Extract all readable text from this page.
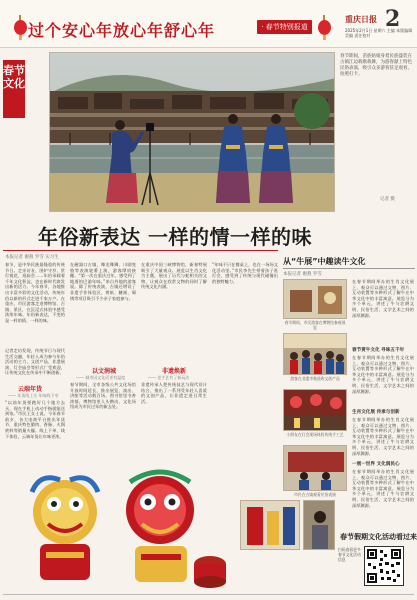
过个安心年放心年舒心年	· 春节特别报道
重庆日报 2
2025年2月1日 星期六 主编 本版编辑 美编 责任校对
春节
文化
春节期间，苗族姑娘身着民族盛装在古镇江边载歌载舞，为游客献上特色民俗表演，吸引众多游客驻足观看、拍照打卡。
记者 摄
年俗新表达 一样的情一样的味
本报记者 谢燕 罗雪 实习生
春节，是中华民族最隆重的传统节日。走亲访友、围炉守岁、赏灯观花、逛庙会……年俗承载着千年文化积淀，也在新时代焕发出新的活力。今年春节，各地推出丰富多彩的文化活动，传统年俗以新的形式走进千家万户。在重庆，市民游客走进博物馆、古镇、景区，在沉浸式体验中感受浓浓年味。年俗新表达，不变的是一样的情、一样的味。
记者走访发现，传统节日与现代生活交融，年轻人成为参与年俗活动的主力，文创产品、非遗展演、灯会庙会等形式广受欢迎，让传统文化在传承中不断创新。
云端年货
—— 年货线上买 年味线下享
“以前年货要跑好几个地方去买，现在手机上动动手指就能送到家。”市民王女士说。今年春节前夕，各大电商平台推出年货节，重庆特色腊肉、香肠、火锅底料等销量火爆。线上下单、线下体验，云端年货让年味更浓。
在磁器口古镇，舞龙舞狮、川剧变脸等表演轮番上演，游客摩肩接踵。“第一次在重庆过年，感受到了地道的巴渝年味。”来自外地的游客说。除了传统表演，古镇还增设了非遗手作体验区，剪纸、糖画、蜀绣等项目吸引不少亲子家庭参与。
以文润城
—— 城市因文化而更有温度
春节期间，全市各级公共文化场馆开放时间延长，推出展览、演出、讲座等活动数百场。图书馆里书香浓郁，博物馆里人头攒动，文化场馆成为市民过年的新去处。
在重庆中国三峡博物馆，新春特展吸引了大量观众。展览以生肖文化为主题，展出了历代与蛇相关的文物，让观众在欣赏文物的同时了解传统文化内涵。
非遗焕新
—— 老手艺有了新玩法
非遗传承人把传统技艺与现代设计结合，推出了一系列受年轻人喜爱的文创产品，让非遗走进日常生活。
“年味不只在餐桌上，也在一场场文化活动里。”市民李先生带着孩子逛灯会，感受到了传统与现代碰撞出的独特魅力。
从“牛展”中趣读牛文化
本报记者 谢燕 罗雪
春节期间，市民游客在博物馆参观展览
在春节期间举办的生肖文化展上，观众可以通过文物、图片、互动装置等多种形式了解牛在中华文化中的丰富寓意。展览分为多个单元，讲述了牛与农耕文明、民俗生活、文学艺术之间的深厚渊源。
游客在非遗市集选购文创产品
春节赏牛文化 寻味五千年
在春节期间举办的生肖文化展上，观众可以通过文物、图片、互动装置等多种形式了解牛在中华文化中的丰富寓意。展览分为多个单元，讲述了牛与农耕文明、民俗生活、文学艺术之间的深厚渊源。
小朋友在灯会现场体验传统手工艺
生肖文化展 传承与创新
在春节期间举办的生肖文化展上，观众可以通过文物、图片、互动装置等多种形式了解牛在中华文化中的丰富寓意。展览分为多个单元，讲述了牛与农耕文明、民俗生活、文学艺术之间的深厚渊源。
市民在古镇观看民俗表演
一展一世界 文化润民心
在春节期间举办的生肖文化展上，观众可以通过文物、图片、互动装置等多种形式了解牛在中华文化中的丰富寓意。展览分为多个单元，讲述了牛与农耕文明、民俗生活、文学艺术之间的深厚渊源。
春节假期文化活动看过来
扫码查看更多春节文化活动信息
